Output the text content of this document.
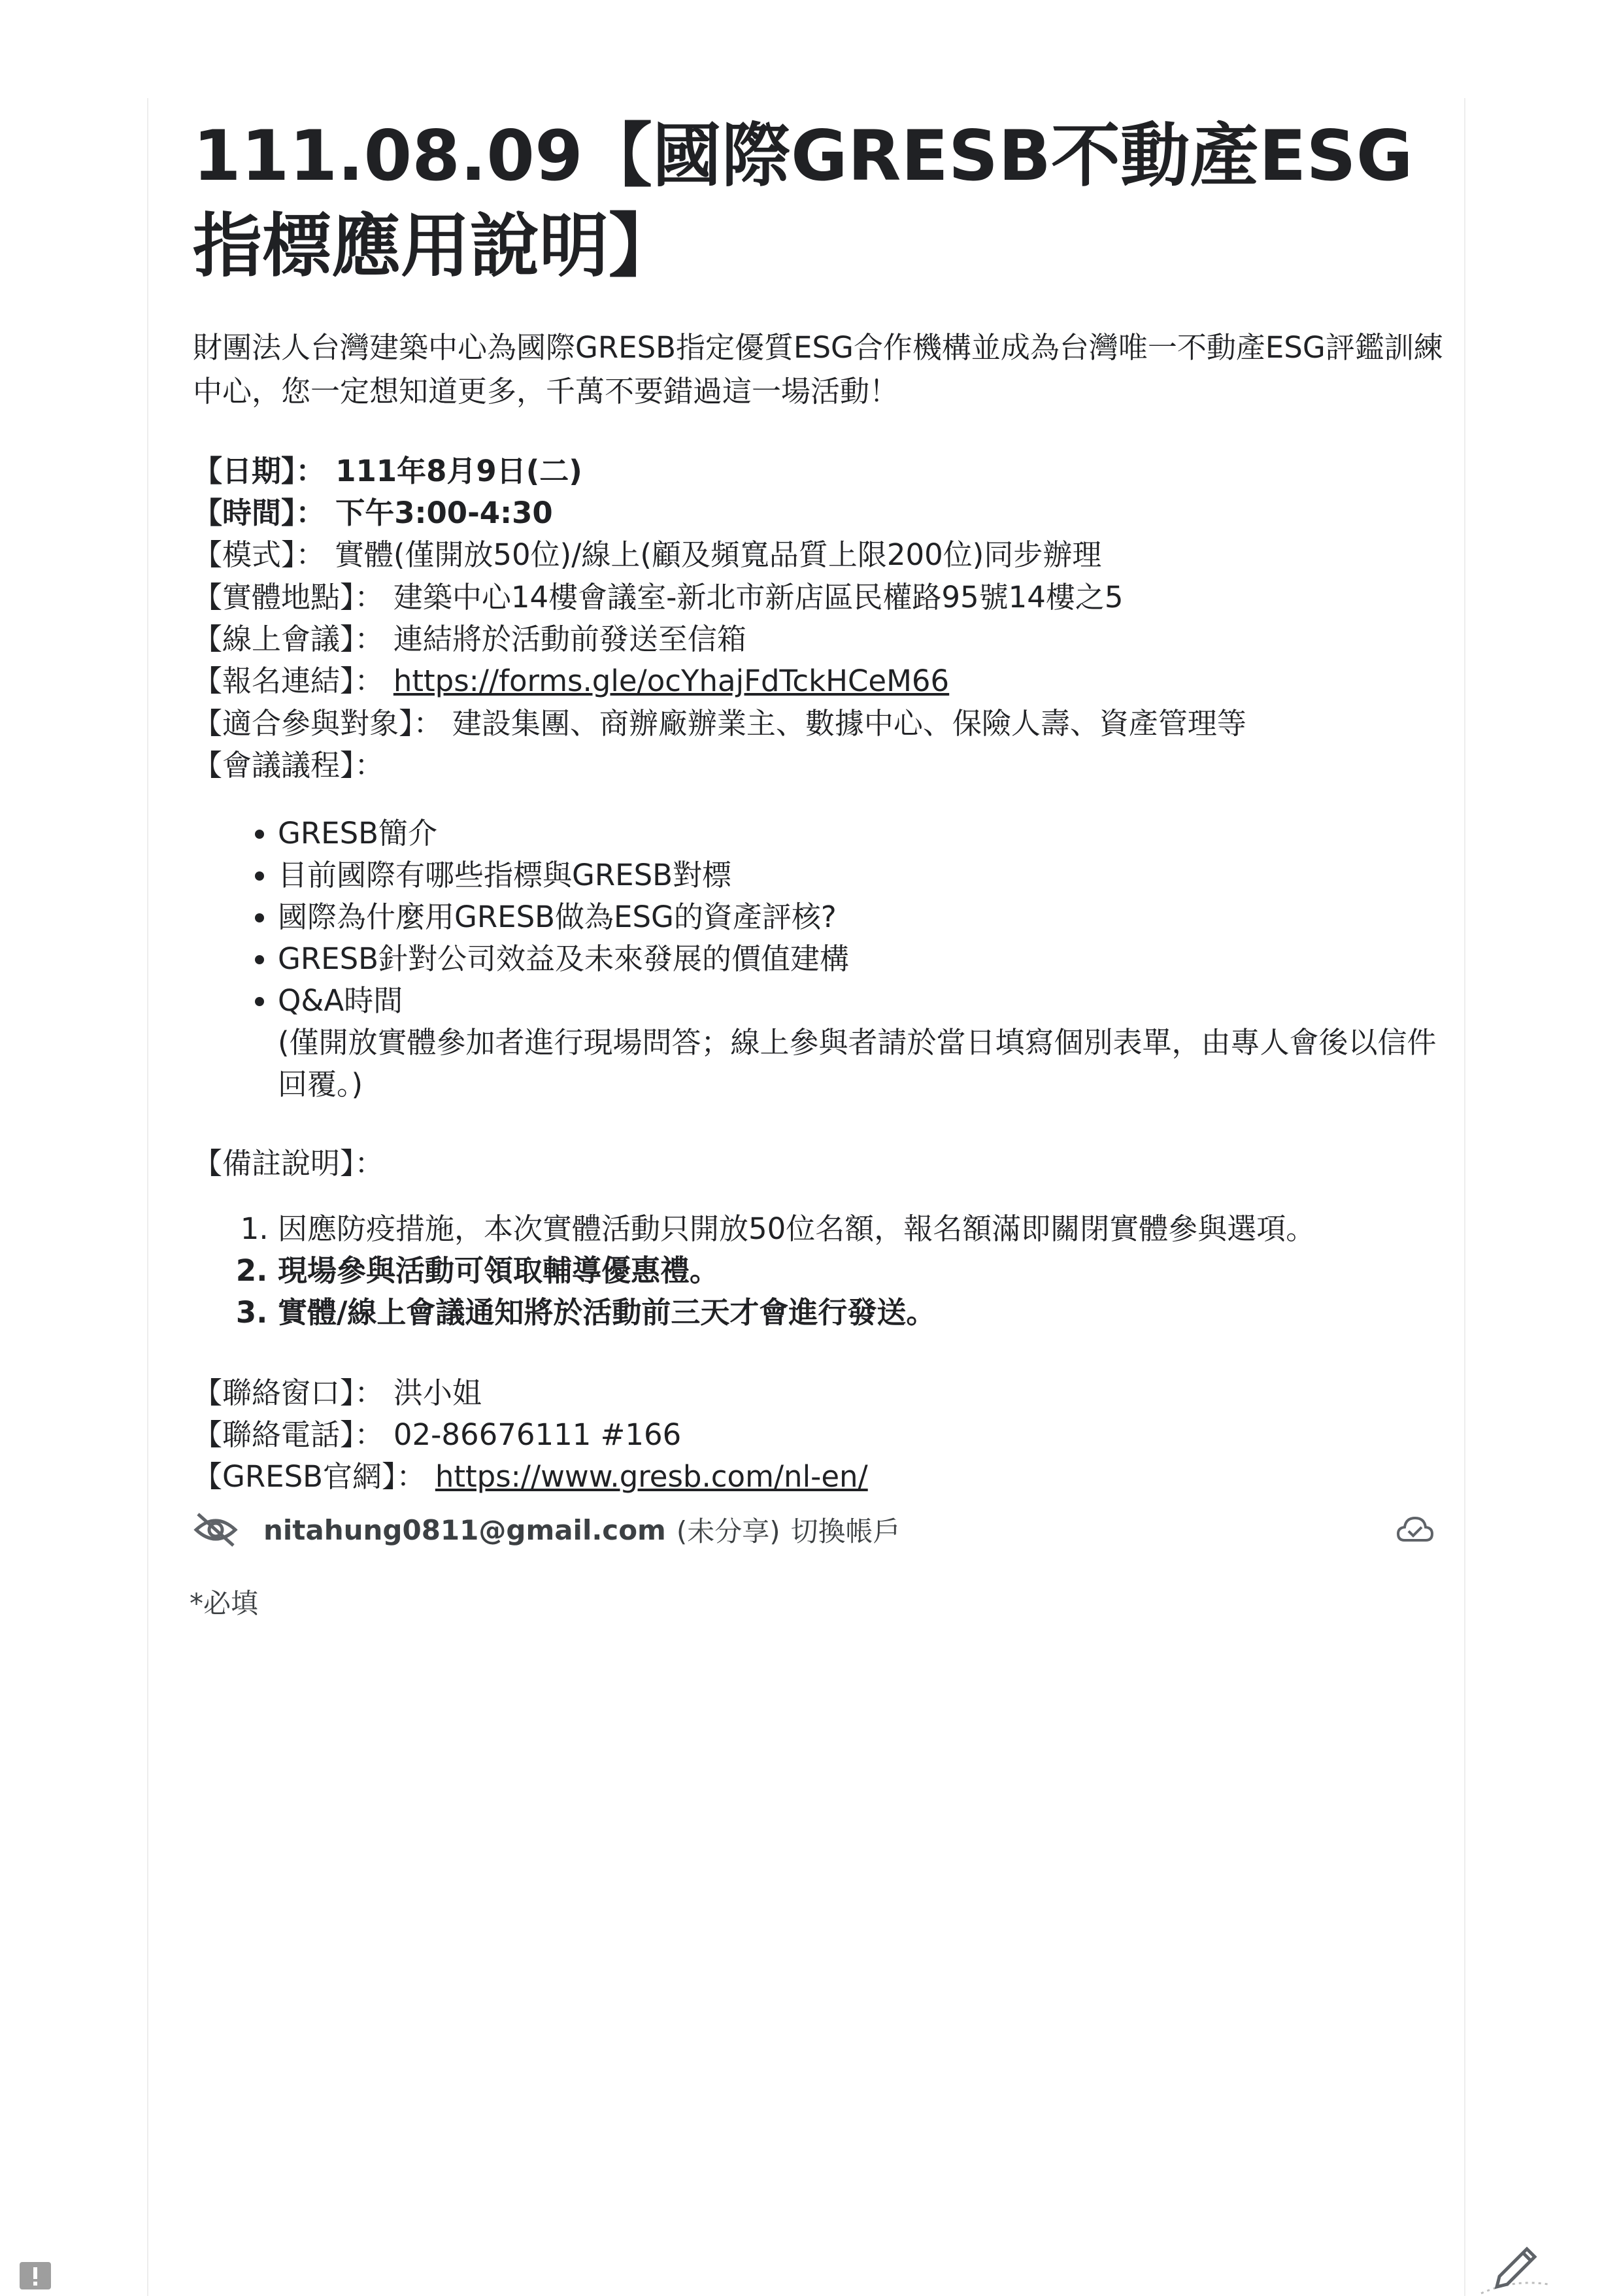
111.08.09【國際GRESB不動產ESG指標應用說明】
財團法人台灣建築中心為國際GRESB指定優質ESG合作機構並成為台灣唯一不動產ESG評鑑訓練中心，您一定想知道更多，千萬不要錯過這一場活動！
【日期】： 111年8月9日(二)
【時間】： 下午3:00-4:30
【模式】： 實體(僅開放50位)/線上(顧及頻寬品質上限200位)同步辦理
【實體地點】： 建築中心14樓會議室-新北市新店區民權路95號14樓之5
【線上會議】： 連結將於活動前發送至信箱
【報名連結】： https://forms.gle/ocYhajFdTckHCeM66
【適合參與對象】： 建設集團、商辦廠辦業主、數據中心、保險人壽、資產管理等
【會議議程】：
• GRESB簡介
• 目前國際有哪些指標與GRESB對標
• 國際為什麼用GRESB做為ESG的資產評核?
• GRESB針對公司效益及未來發展的價值建構
• Q&A時間
(僅開放實體參加者進行現場問答；線上參與者請於當日填寫個別表單，由專人會後以信件回覆。)
【備註說明】：
1. 因應防疫措施，本次實體活動只開放50位名額，報名額滿即關閉實體參與選項。
2. 現場參與活動可領取輔導優惠禮。
3. 實體/線上會議通知將於活動前三天才會進行發送。
【聯絡窗口】： 洪小姐
【聯絡電話】： 02-86676111 #166
【GRESB官網】： https://www.gresb.com/nl-en/
nitahung0811@gmail.com (未分享) 切換帳戶
*必填
